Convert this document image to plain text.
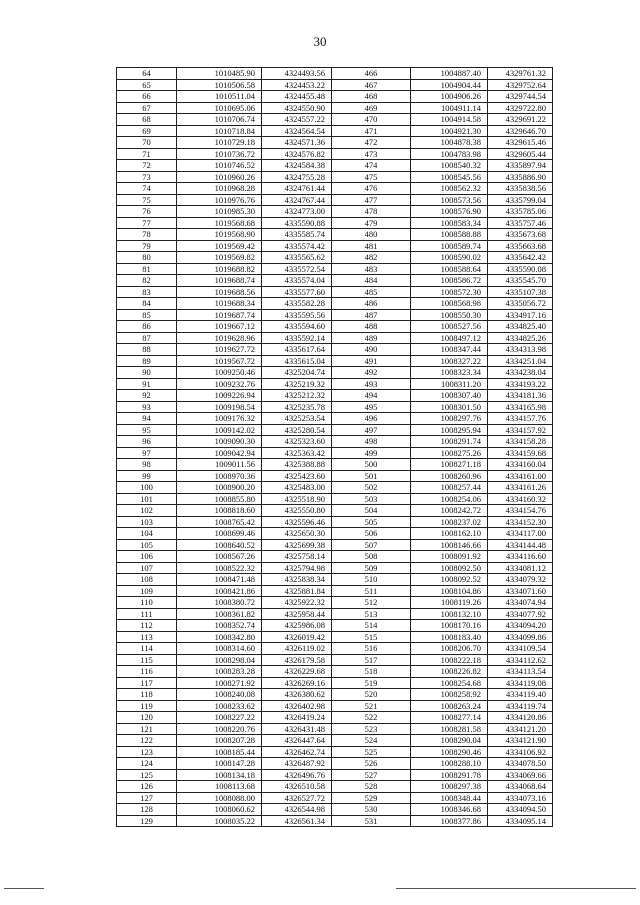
30
64	1010485.90	4324493.56	466	1004887.40	4329761.32
65	1010506.58	4324453.22	467	1004904.44	4329752.64
66	1010511.04	4324455.48	468	1004906.26	4329744.54
67	1010695.06	4324550.90	469	1004911.14	4329722.80
68	1010706.74	4324557.22	470	1004914.58	4329691.22
69	1010718.84	4324564.54	471	1004921.30	4329646.70
70	1010729.18	4324571.36	472	1004878.38	4329615.46
71	1010736.72	4324576.82	473	1004783.98	4329605.44
72	1010746.52	4324584.38	474	1008540.32	4335897.94
73	1010960.26	4324755.28	475	1008545.56	4335886.90
74	1010968.28	4324761.44	476	1008562.32	4335838.56
75	1010976.76	4324767.44	477	1008573.56	4335799.04
76	1010985.30	4324773.00	478	1008576.90	4335785.06
77	1019568.68	4335590.88	479	1008583.34	4335757.46
78	1019568.90	4335585.74	480	1008588.88	4335673.68
79	1019569.42	4335574.42	481	1008589.74	4335663.68
80	1019569.82	4335565.62	482	1008590.02	4335642.42
81	1019688.82	4335572.54	483	1008588.64	4335590.08
82	1019688.74	4335574.04	484	1008586.72	4335545.70
83	1019688.56	4335577.60	485	1008572.30	4335107.38
84	1019688.34	4335582.28	486	1008568.98	4335056.72
85	1019687.74	4335595.56	487	1008550.30	4334917.16
86	1019667.12	4335594.60	488	1008527.56	4334825.40
87	1019628.96	4335592.14	489	1008497.12	4334825.26
88	1019627.72	4335617.64	490	1008347.44	4334313.98
89	1019567.72	4335615.04	491	1008327.22	4334251.04
90	1009250.46	4325204.74	492	1008323.34	4334238.04
91	1009232.76	4325219.32	493	1008311.20	4334193.22
92	1009226.94	4325212.32	494	1008307.40	4334181.36
93	1009198.54	4325235.78	495	1008301.50	4334165.98
94	1009176.32	4325253.54	496	1008297.76	4334157.76
95	1009142.02	4325280.54	497	1008295.94	4334157.92
96	1009090.30	4325323.60	498	1008291.74	4334158.28
97	1009042.94	4325363.42	499	1008275.26	4334159.68
98	1009011.56	4325388.88	500	1008271.18	4334160.04
99	1008970.36	4325423.60	501	1008260.96	4334161.00
100	1008900.20	4325483.00	502	1008257.44	4334161.26
101	1008855.80	4325518.90	503	1008254.06	4334160.32
102	1008818.60	4325550.80	504	1008242.72	4334154.76
103	1008765.42	4325596.46	505	1008237.02	4334152.30
104	1008699.46	4325650.30	506	1008162.10	4334117.00
105	1008640.52	4325699.38	507	1008146.66	4334144.48
106	1008567.26	4325758.14	508	1008091.92	4334116.60
107	1008522.32	4325794.98	509	1008092.50	4334081.12
108	1008471.48	4325838.34	510	1008092.52	4334079.32
109	1008421.86	4325881.84	511	1008104.86	4334071.60
110	1008380.72	4325922.32	512	1008119.26	4334074.94
111	1008361.82	4325958.44	513	1008132.10	4334077.92
112	1008352.74	4325986.08	514	1008170.16	4334094.20
113	1008342.80	4326019.42	515	1008183.40	4334099.86
114	1008314.60	4326119.02	516	1008206.70	4334109.54
115	1008298.04	4326179.58	517	1008222.18	4334112.62
116	1008283.28	4326229.68	518	1008226.82	4334113.54
117	1008271.92	4326269.16	519	1008254.68	4334119.08
118	1008240.08	4326380.62	520	1008258.92	4334119.40
119	1008233.62	4326402.98	521	1008263.24	4334119.74
120	1008227.22	4326419.24	522	1008277.14	4334120.86
121	1008220.76	4326431.48	523	1008281.58	4334121.20
122	1008207.28	4326447.64	524	1008290.04	4334121.90
123	1008185.44	4326462.74	525	1008290.46	4334106.92
124	1008147.28	4326487.92	526	1008288.10	4334078.50
125	1008134.18	4326496.76	527	1008291.78	4334069.66
126	1008113.68	4326510.58	528	1008297.38	4334068.64
127	1008088.00	4326527.72	529	1008348.44	4334073.16
128	1008060.62	4326544.98	530	1008346.68	4334094.50
129	1008035.22	4326561.34	531	1008377.86	4334095.14
